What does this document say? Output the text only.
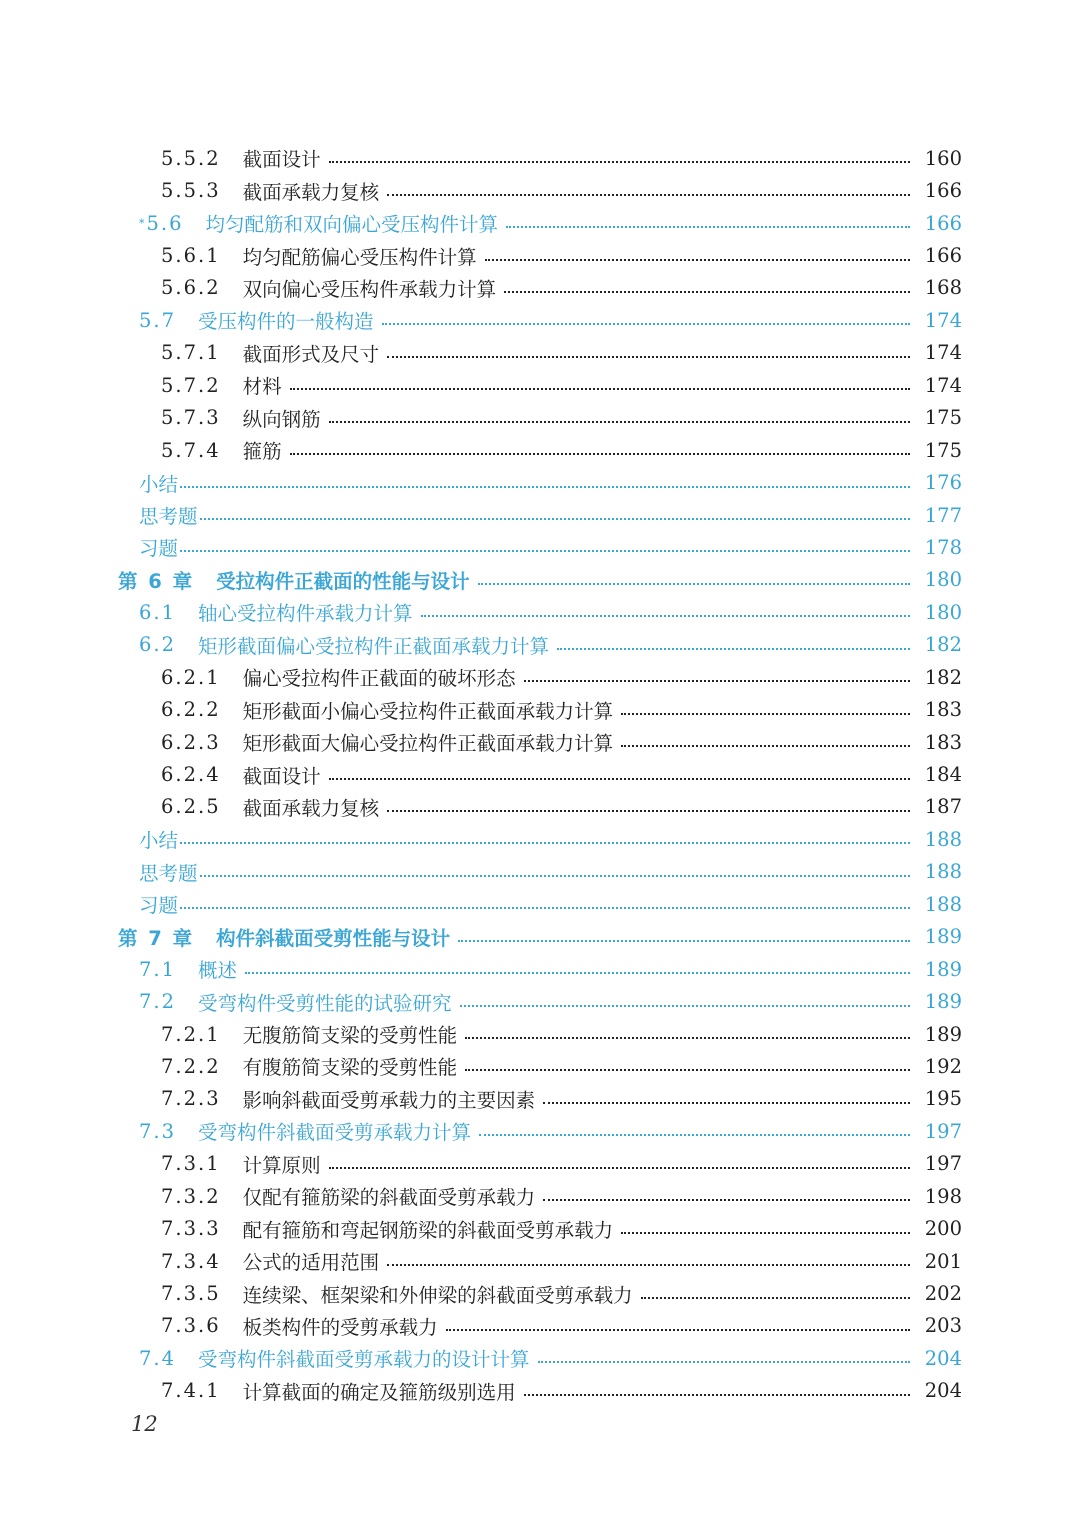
5.5.2 截面设计	160
5.5.3 截面承载力复核	166
* 5.6 均匀配筋和双向偏心受压构件计算	166
5.6.1 均匀配筋偏心受压构件计算	166
5.6.2 双向偏心受压构件承载力计算	168
5.7 受压构件的一般构造	174
5.7.1 截面形式及尺寸	174
5.7.2 材料	174
5.7.3 纵向钢筋	175
5.7.4 箍筋	175
小结	176
思考题	177
习题	178
第 6 章 受拉构件正截面的性能与设计	180
6.1 轴心受拉构件承载力计算	180
6.2 矩形截面偏心受拉构件正截面承载力计算	182
6.2.1 偏心受拉构件正截面的破坏形态	182
6.2.2 矩形截面小偏心受拉构件正截面承载力计算	183
6.2.3 矩形截面大偏心受拉构件正截面承载力计算	183
6.2.4 截面设计	184
6.2.5 截面承载力复核	187
小结	188
思考题	188
习题	188
第 7 章 构件斜截面受剪性能与设计	189
7.1 概述	189
7.2 受弯构件受剪性能的试验研究	189
7.2.1 无腹筋简支梁的受剪性能	189
7.2.2 有腹筋简支梁的受剪性能	192
7.2.3 影响斜截面受剪承载力的主要因素	195
7.3 受弯构件斜截面受剪承载力计算	197
7.3.1 计算原则	197
7.3.2 仅配有箍筋梁的斜截面受剪承载力	198
7.3.3 配有箍筋和弯起钢筋梁的斜截面受剪承载力	200
7.3.4 公式的适用范围	201
7.3.5 连续梁、框架梁和外伸梁的斜截面受剪承载力	202
7.3.6 板类构件的受剪承载力	203
7.4 受弯构件斜截面受剪承载力的设计计算	204
7.4.1 计算截面的确定及箍筋级别选用	204
12
